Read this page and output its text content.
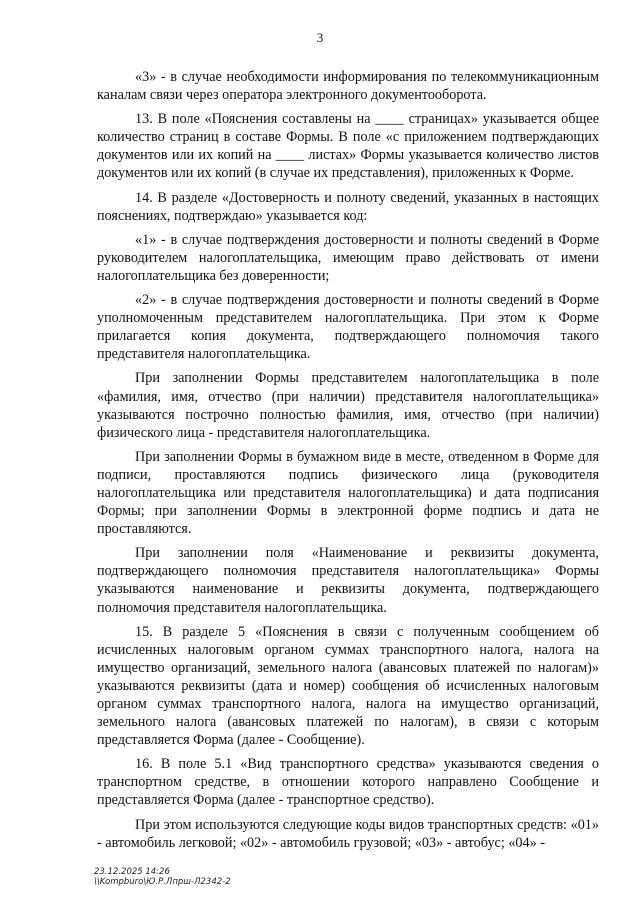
3

«3» - в случае необходимости информирования по телекоммуникационным каналам связи через оператора электронного документооборота.

13. В поле «Пояснения составлены на ____ страницах» указывается общее количество страниц в составе Формы. В поле «с приложением подтверждающих документов или их копий на ____ листах» Формы указывается количество листов документов или их копий (в случае их представления), приложенных к Форме.

14. В разделе «Достоверность и полноту сведений, указанных в настоящих пояснениях, подтверждаю» указывается код:

«1» - в случае подтверждения достоверности и полноты сведений в Форме руководителем налогоплательщика, имеющим право действовать от имени налогоплательщика без доверенности;

«2» - в случае подтверждения достоверности и полноты сведений в Форме уполномоченным представителем налогоплательщика. При этом к Форме прилагается копия документа, подтверждающего полномочия такого представителя налогоплательщика.

При заполнении Формы представителем налогоплательщика в поле «фамилия, имя, отчество (при наличии) представителя налогоплательщика» указываются построчно полностью фамилия, имя, отчество (при наличии) физического лица - представителя налогоплательщика.

При заполнении Формы в бумажном виде в месте, отведенном в Форме для подписи, проставляются подпись физического лица (руководителя налогоплательщика или представителя налогоплательщика) и дата подписания Формы; при заполнении Формы в электронной форме подпись и дата не проставляются.

При заполнении поля «Наименование и реквизиты документа, подтверждающего полномочия представителя налогоплательщика» Формы указываются наименование и реквизиты документа, подтверждающего полномочия представителя налогоплательщика.

15. В разделе 5 «Пояснения в связи с полученным сообщением об исчисленных налоговым органом суммах транспортного налога, налога на имущество организаций, земельного налога (авансовых платежей по налогам)» указываются реквизиты (дата и номер) сообщения об исчисленных налоговым органом суммах транспортного налога, налога на имущество организаций, земельного налога (авансовых платежей по налогам), в связи с которым представляется Форма (далее - Сообщение).

16. В поле 5.1 «Вид транспортного средства» указываются сведения о транспортном средстве, в отношении которого направлено Сообщение и представляется Форма (далее - транспортное средство).

При этом используются следующие коды видов транспортных средств: «01» - автомобиль легковой; «02» - автомобиль грузовой; «03» - автобус; «04» -

23.12.2025 14:26
\\Kompburo\Ю.Р.Лпрш-Л2342-2
